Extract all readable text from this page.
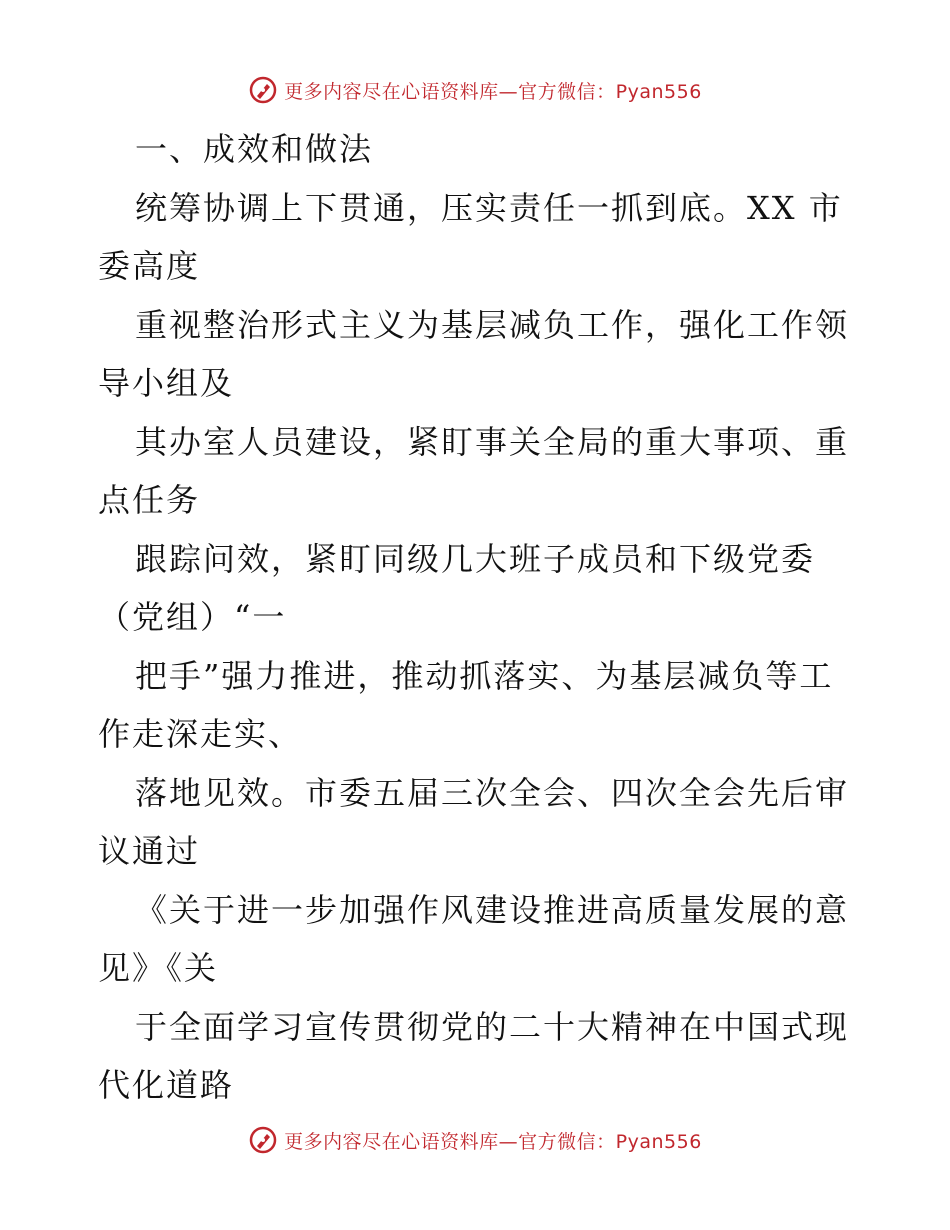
更多内容尽在心语资料库—官方微信：Pyan556
一、成效和做法
统筹协调上下贯通，压实责任一抓到底。XX 市
委高度
重视整治形式主义为基层减负工作，强化工作领
导小组及
其办室人员建设，紧盯事关全局的重大事项、重
点任务
跟踪问效，紧盯同级几大班子成员和下级党委
（党组）“一
把手”强力推进，推动抓落实、为基层减负等工
作走深走实、
落地见效。市委五届三次全会、四次全会先后审
议通过
《关于进一步加强作风建设推进高质量发展的意
见》《关
于全面学习宣传贯彻党的二十大精神在中国式现
代化道路
更多内容尽在心语资料库—官方微信：Pyan556
